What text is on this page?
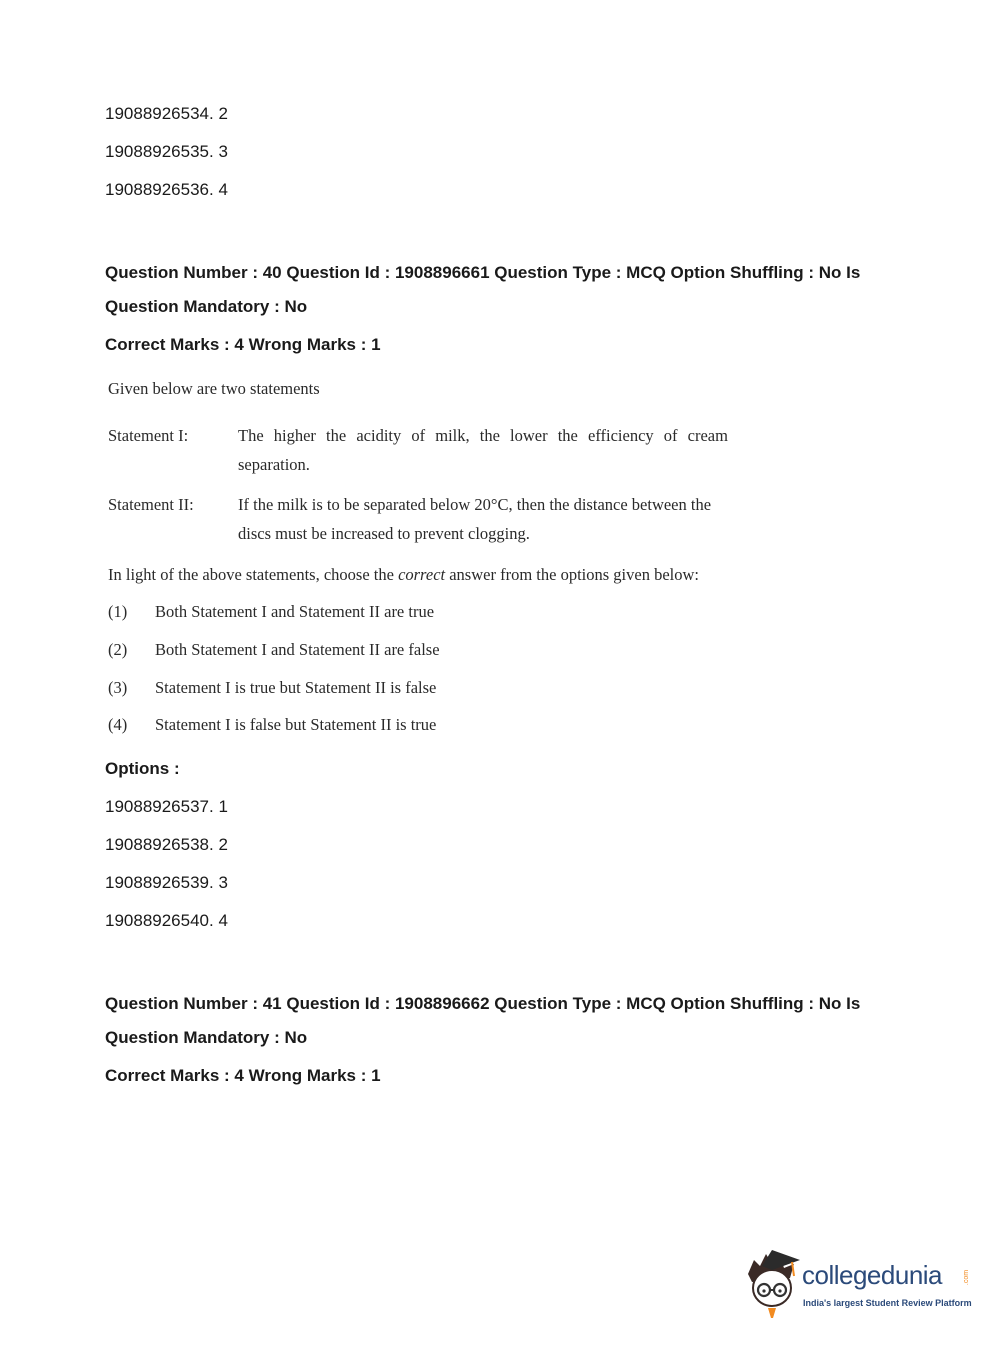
19088926534. 2
19088926535. 3
19088926536. 4
Question Number : 40 Question Id : 1908896661 Question Type : MCQ Option Shuffling : No Is
Question Mandatory : No
Correct Marks : 4 Wrong Marks : 1
Given below are two statements
Statement I:	The higher the acidity of milk, the lower the efficiency of cream
separation.
Statement II:	If the milk is to be separated below 20°C, then the distance between the
discs must be increased to prevent clogging.
In light of the above statements, choose the correct answer from the options given below:
(1) Both Statement I and Statement II are true
(2) Both Statement I and Statement II are false
(3) Statement I is true but Statement II is false
(4) Statement I is false but Statement II is true
Options :
19088926537. 1
19088926538. 2
19088926539. 3
19088926540. 4
Question Number : 41 Question Id : 1908896662 Question Type : MCQ Option Shuffling : No Is
Question Mandatory : No
Correct Marks : 4 Wrong Marks : 1
collegedunia	.com
India's largest Student Review Platform
